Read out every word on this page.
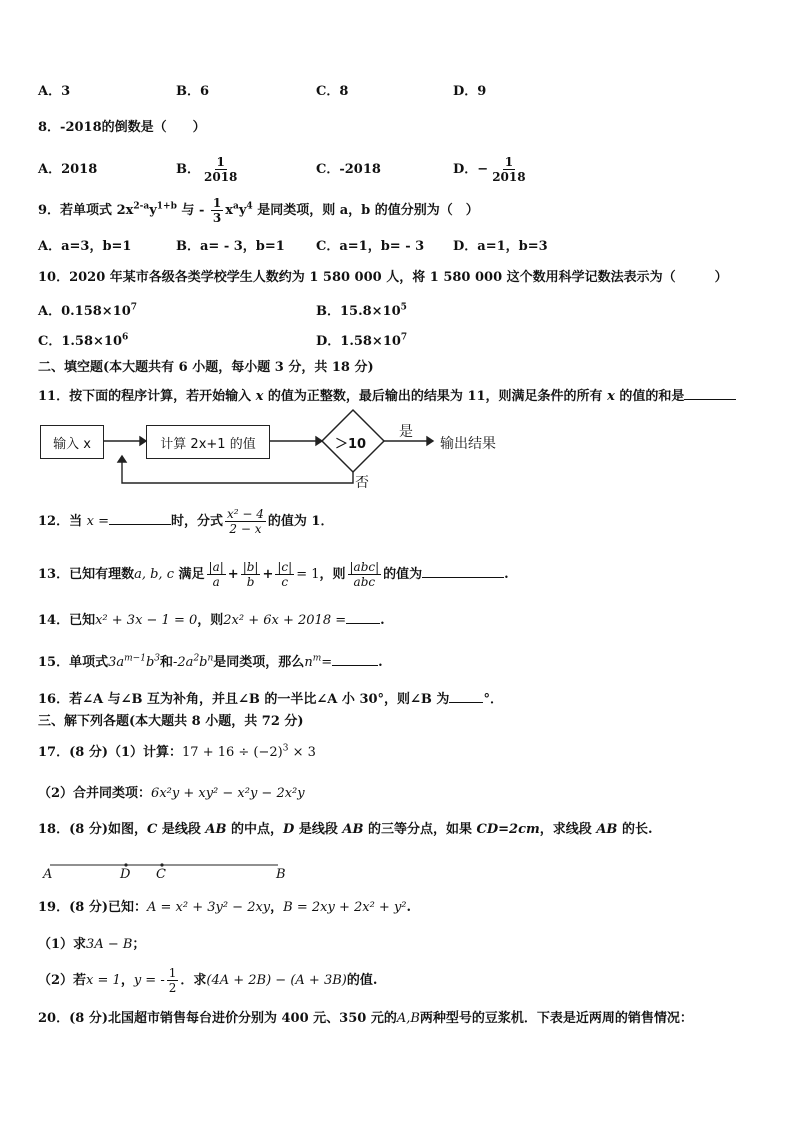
A．3	B．6	C．8	D．9
8．-2018的倒数是（　　）
A．2018	B． $\frac{1}{2018}$	C．-2018	D．− $\frac{1}{2018}$
9．若单项式 $2x^{2-a}y^{1+b}$ 与 - $\frac{1}{3} x^ay^4$ 是同类项，则 a，b 的值分别为（　）
A．a=3，b=1	B．a= - 3，b=1 C．a=1，b= - 3 D．a=1，b=3
10．2020 年某市各级各类学校学生人数约为 1 580 000 人，将 1 580 000 这个数用科学记数法表示为（　　　）
A．$0.158\times 10^7$	B．$15.8\times 10^5$
C．$1.58\times 10^6$	D．$1.58\times 10^7$
二、填空题(本大题共有 6 小题，每小题 3 分，共 18 分)
11．按下面的程序计算，若开始输入 x 的值为正整数，最后输出的结果为 11，则满足条件的所有 x 的值的和是
输入 x	计算 2x+1 的值	＞10
是
否
输出结果
12．当 x =	时，分式 $\frac{\text{x² − 4}}{2 - x}$ 的值为 1．
13．已知有理数a, b, c 满足 $\frac{|a|}{a} + \frac{|b|}{b} + \frac{|c|}{c} = 1$，则 $\frac{\text{|abc|}}{\text{abc}}$ 的值为	.
14．已知x² + 3x − 1 = 0，则2x² + 6x + 2018 =	.
15．单项式$3a^{m-1}b^3$和$-2a^2b^n$是同类项，那么$n^m=$	.
16．若∠A 与∠B 互为补角，并且∠B 的一半比∠A 小 30°，则∠B 为	°．
三、解下列各题(本大题共 8 小题，共 72 分)
17．(8 分)（1）计算：$17 + 16 \div (-2)^3 \times 3$
（2）合并同类项：6x²y + xy² − x²y − 2x²y
18．(8 分)如图，C 是线段 AB 的中点，D 是线段 AB 的三等分点，如果 CD=2cm，求线段 AB 的长.
A	D C	B
19．(8 分)已知：A = x² + 3y² − 2xy，B = 2xy + 2x² + y².
（1）求3A − B；
（2）若x = 1，y = - $\frac{1}{2}$ ．求(4A + 2B) − (A + 3B)的值.
20．(8 分)北国超市销售每台进价分别为 400 元、350 元的A,B两种型号的豆浆机．下表是近两周的销售情况：
